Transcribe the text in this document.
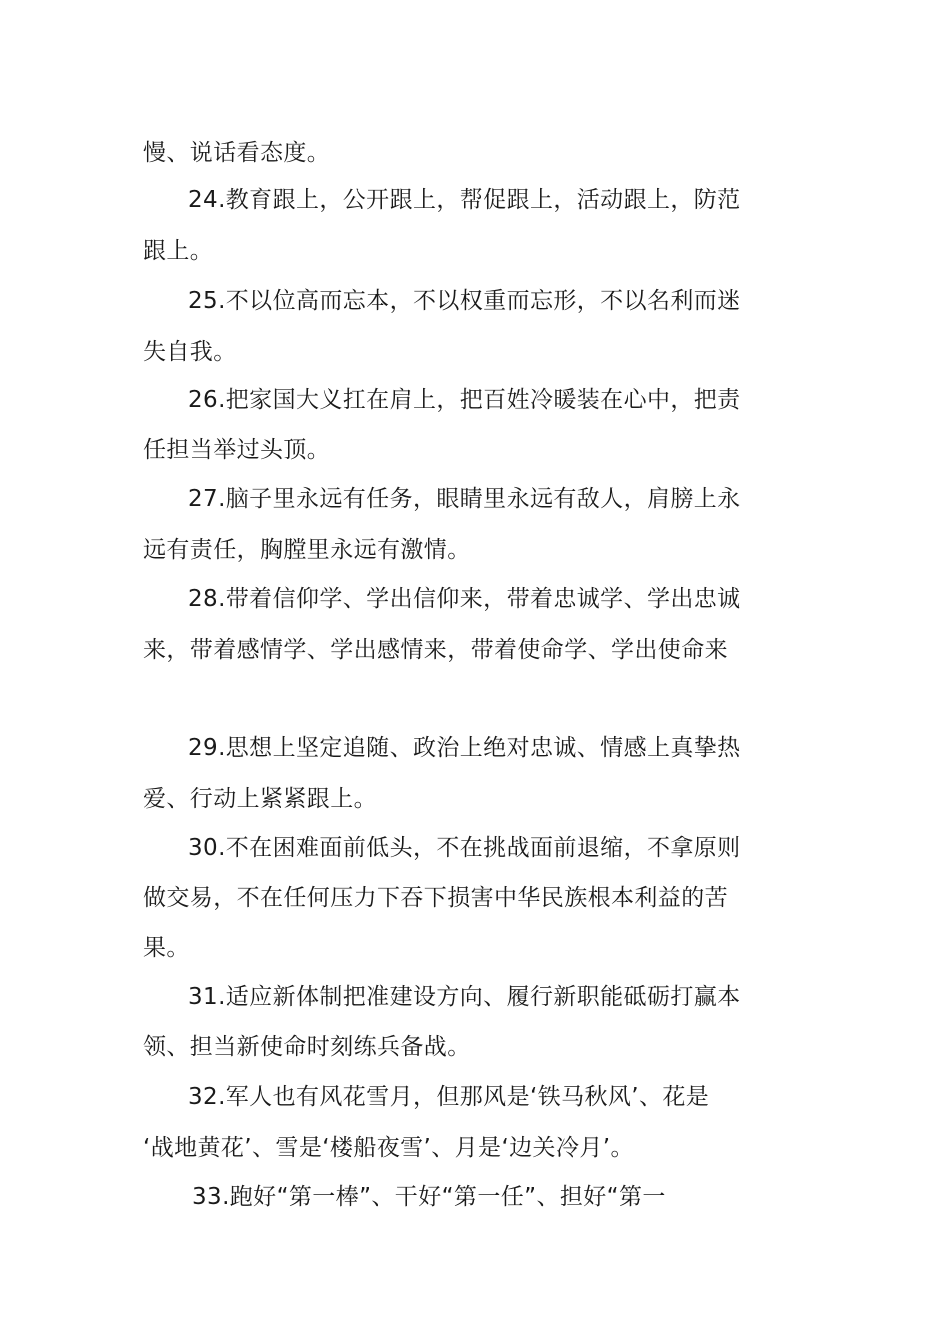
慢、说话看态度。
24.教育跟上，公开跟上，帮促跟上，活动跟上，防范
跟上。
25.不以位高而忘本，不以权重而忘形，不以名利而迷
失自我。
26.把家国大义扛在肩上，把百姓冷暖装在心中，把责
任担当举过头顶。
27.脑子里永远有任务，眼睛里永远有敌人，肩膀上永
远有责任，胸膛里永远有激情。
28.带着信仰学、学出信仰来，带着忠诚学、学出忠诚
来，带着感情学、学出感情来，带着使命学、学出使命来
29.思想上坚定追随、政治上绝对忠诚、情感上真挚热
爱、行动上紧紧跟上。
30.不在困难面前低头，不在挑战面前退缩，不拿原则
做交易，不在任何压力下吞下损害中华民族根本利益的苦
果。
31.适应新体制把准建设方向、履行新职能砥砺打赢本
领、担当新使命时刻练兵备战。
32.军人也有风花雪月，但那风是‘铁马秋风’、花是
‘战地黄花’、雪是‘楼船夜雪’、月是‘边关冷月’。
33.跑好“第一棒”、干好“第一任”、担好“第一
